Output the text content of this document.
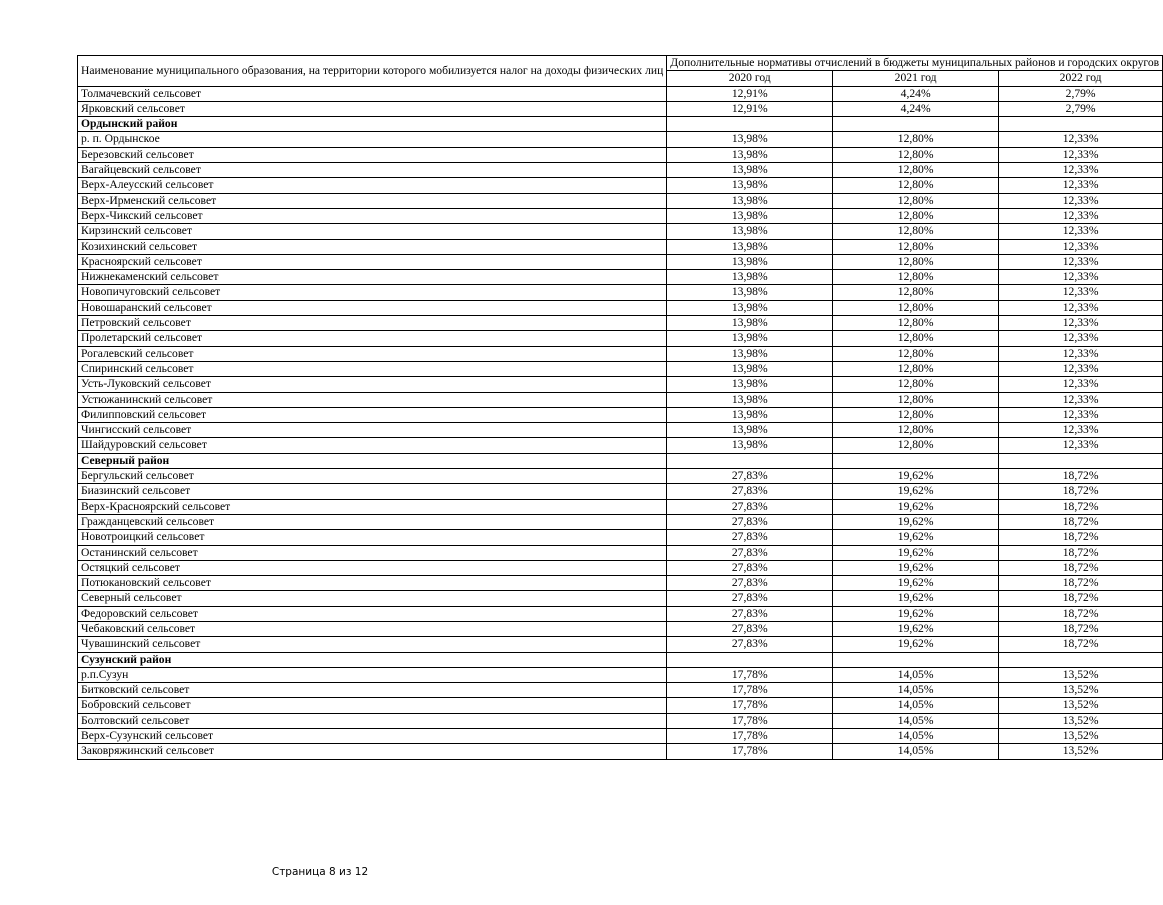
Наименование муниципального образования, на территории которого мобилизуется налог на доходы физических лиц	Дополнительные нормативы отчислений в бюджеты муниципальных районов и городских округов		
	2020 год	2021 год	2022 год
Толмачевский сельсовет	12,91%	4,24%	2,79%
Ярковский сельсовет	12,91%	4,24%	2,79%
Ордынский район			
р. п. Ордынское	13,98%	12,80%	12,33%
Березовский сельсовет	13,98%	12,80%	12,33%
Вагайцевский сельсовет	13,98%	12,80%	12,33%
Верх-Алеусский сельсовет	13,98%	12,80%	12,33%
Верх-Ирменский сельсовет	13,98%	12,80%	12,33%
Верх-Чикский сельсовет	13,98%	12,80%	12,33%
Кирзинский сельсовет	13,98%	12,80%	12,33%
Козихинский сельсовет	13,98%	12,80%	12,33%
Красноярский сельсовет	13,98%	12,80%	12,33%
Нижнекаменский сельсовет	13,98%	12,80%	12,33%
Новопичуговский сельсовет	13,98%	12,80%	12,33%
Новошаранский сельсовет	13,98%	12,80%	12,33%
Петровский сельсовет	13,98%	12,80%	12,33%
Пролетарский сельсовет	13,98%	12,80%	12,33%
Рогалевский сельсовет	13,98%	12,80%	12,33%
Спиринский сельсовет	13,98%	12,80%	12,33%
Усть-Луковский сельсовет	13,98%	12,80%	12,33%
Устюжанинский сельсовет	13,98%	12,80%	12,33%
Филипповский сельсовет	13,98%	12,80%	12,33%
Чингисский сельсовет	13,98%	12,80%	12,33%
Шайдуровский сельсовет	13,98%	12,80%	12,33%
Северный район			
Бергульский сельсовет	27,83%	19,62%	18,72%
Биазинский сельсовет	27,83%	19,62%	18,72%
Верх-Красноярский сельсовет	27,83%	19,62%	18,72%
Гражданцевский сельсовет	27,83%	19,62%	18,72%
Новотроицкий сельсовет	27,83%	19,62%	18,72%
Останинский сельсовет	27,83%	19,62%	18,72%
Остяцкий сельсовет	27,83%	19,62%	18,72%
Потюкановский сельсовет	27,83%	19,62%	18,72%
Северный сельсовет	27,83%	19,62%	18,72%
Федоровский сельсовет	27,83%	19,62%	18,72%
Чебаковский сельсовет	27,83%	19,62%	18,72%
Чувашинский сельсовет	27,83%	19,62%	18,72%
Сузунский район			
р.п.Сузун	17,78%	14,05%	13,52%
Битковский сельсовет	17,78%	14,05%	13,52%
Бобровский сельсовет	17,78%	14,05%	13,52%
Болтовский сельсовет	17,78%	14,05%	13,52%
Верх-Сузунский сельсовет	17,78%	14,05%	13,52%
Заковряжинский сельсовет	17,78%	14,05%	13,52%
Страница 8 из 12
